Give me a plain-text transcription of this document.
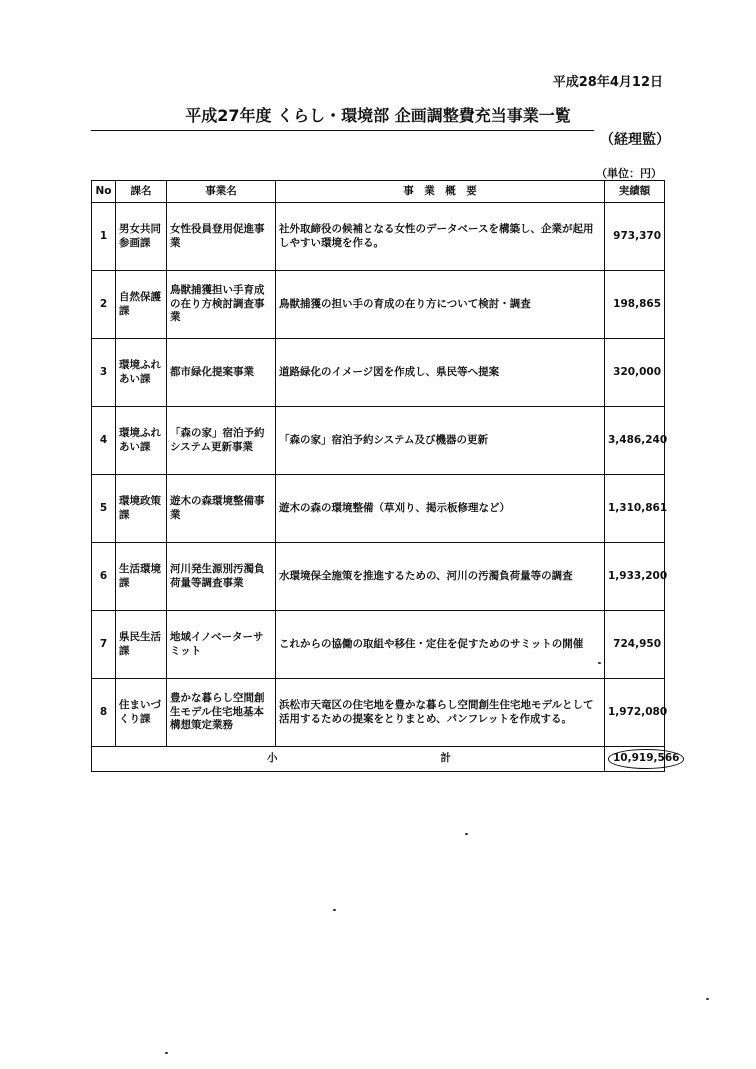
平成28年4月12日
平成27年度 くらし・環境部 企画調整費充当事業一覧
（経理監）
（単位：円）
No	課名	事業名	事　業　概　要	実績額
1	男女共同参画課	女性役員登用促進事業	社外取締役の候補となる女性のデータベースを構築し、企業が起用しやすい環境を作る。	973,370
2	自然保護課	鳥獣捕獲担い手育成の在り方検討調査事業	鳥獣捕獲の担い手の育成の在り方について検討・調査	198,865
3	環境ふれあい課	都市緑化提案事業	道路緑化のイメージ図を作成し、県民等へ提案	320,000
4	環境ふれあい課	「森の家」宿泊予約システム更新事業	「森の家」宿泊予約システム及び機器の更新	3,486,240
5	環境政策課	遊木の森環境整備事業	遊木の森の環境整備（草刈り、掲示板修理など）	1,310,861
6	生活環境課	河川発生源別汚濁負荷量等調査事業	水環境保全施策を推進するための、河川の汚濁負荷量等の調査	1,933,200
7	県民生活課	地域イノベーターサミット	これからの協働の取組や移住・定住を促すためのサミットの開催	724,950
8	住まいづくり課	豊かな暮らし空間創生モデル住宅地基本構想策定業務	浜松市天竜区の住宅地を豊かな暮らし空間創生住宅地モデルとして活用するための提案をとりまとめ、パンフレットを作成する。	1,972,080

小 計				10,919,566
